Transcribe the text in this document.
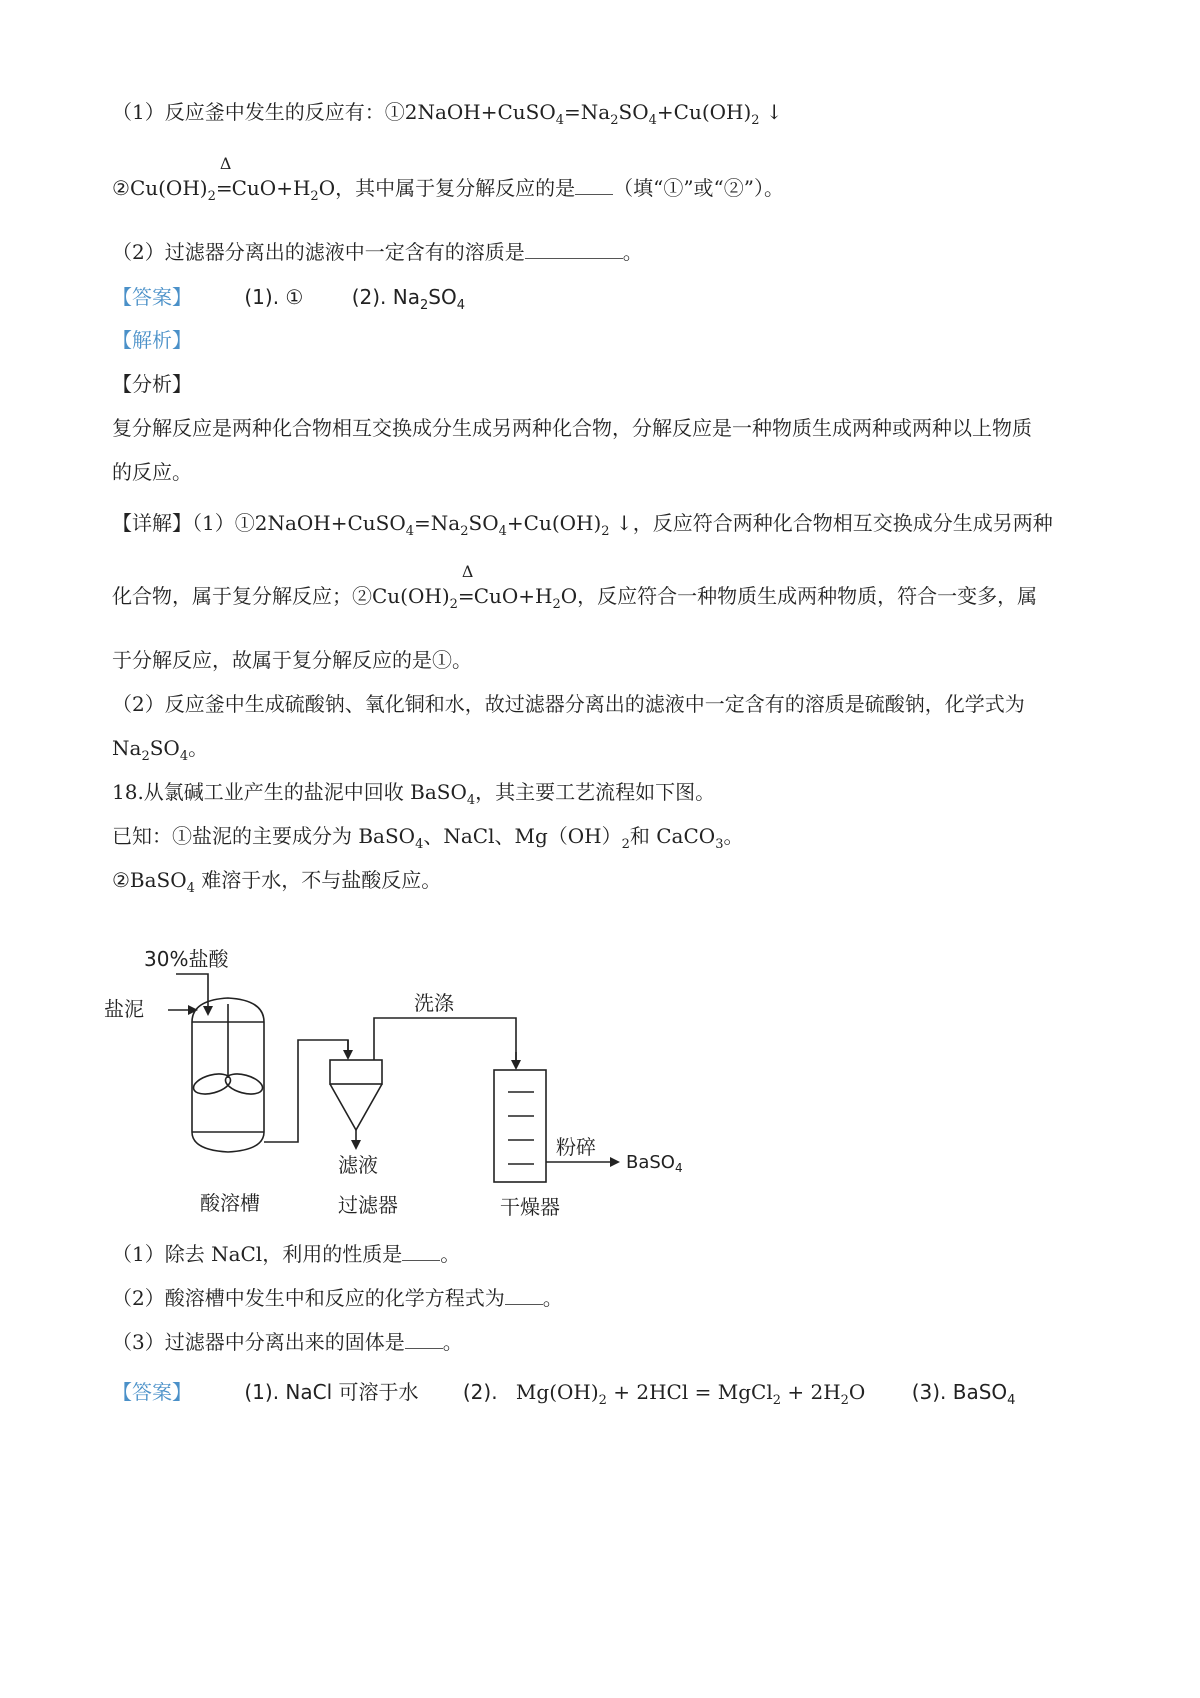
（1）反应釜中发生的反应有：$①2NaOH+CuSO_4=Na_2SO_4+Cu(OH)_2$ ↓
$②Cu(OH)_2$
Δ
$=CuO+H_2O$，其中属于复分解反应的是 （填“①”或“②”）。
（2）过滤器分离出的滤液中一定含有的溶质是	。
【答案】	(1). ① (2). $Na_2SO_4$
【解析】
【分析】
复分解反应是两种化合物相互交换成分生成另两种化合物，分解反应是一种物质生成两种或两种以上物质
的反应。
【详解】$(1)①2NaOH+CuSO_4=Na_2SO_4+Cu(OH)_2$ ↓，反应符合两种化合物相互交换成分生成另两种
化合物，属于复分解反应；$②Cu(OH)_2$
Δ
$=CuO+H_2O$，反应符合一种物质生成两种物质，符合一变多，属
于分解反应，故属于复分解反应的是①。
（2）反应釜中生成硫酸钠、氧化铜和水，故过滤器分离出的滤液中一定含有的溶质是硫酸钠，化学式为
$Na_2SO_4$。
18.从氯碱工业产生的盐泥中回收 BaSO$_4$，其主要工艺流程如下图。
已知：①盐泥的主要成分为 BaSO$_4$、NaCl、$Mg(OH)_2$和 CaCO$_3$。
②BaSO$_4$ 难溶于水，不与盐酸反应。
30%盐酸
盐泥	洗涤
滤液
酸溶槽	过滤器	干燥器
粉碎
BaSO$_4$
（1）除去 NaCl，利用的性质是 。
（2）酸溶槽中发生中和反应的化学方程式为 。
（3）过滤器中分离出来的固体是 。
【答案】	(1). NaCl 可溶于水 (2). $Mg(OH)_2 + 2HCl$ = MgCl$_2$ + $2H_2O$ (3). BaSO$_4$
